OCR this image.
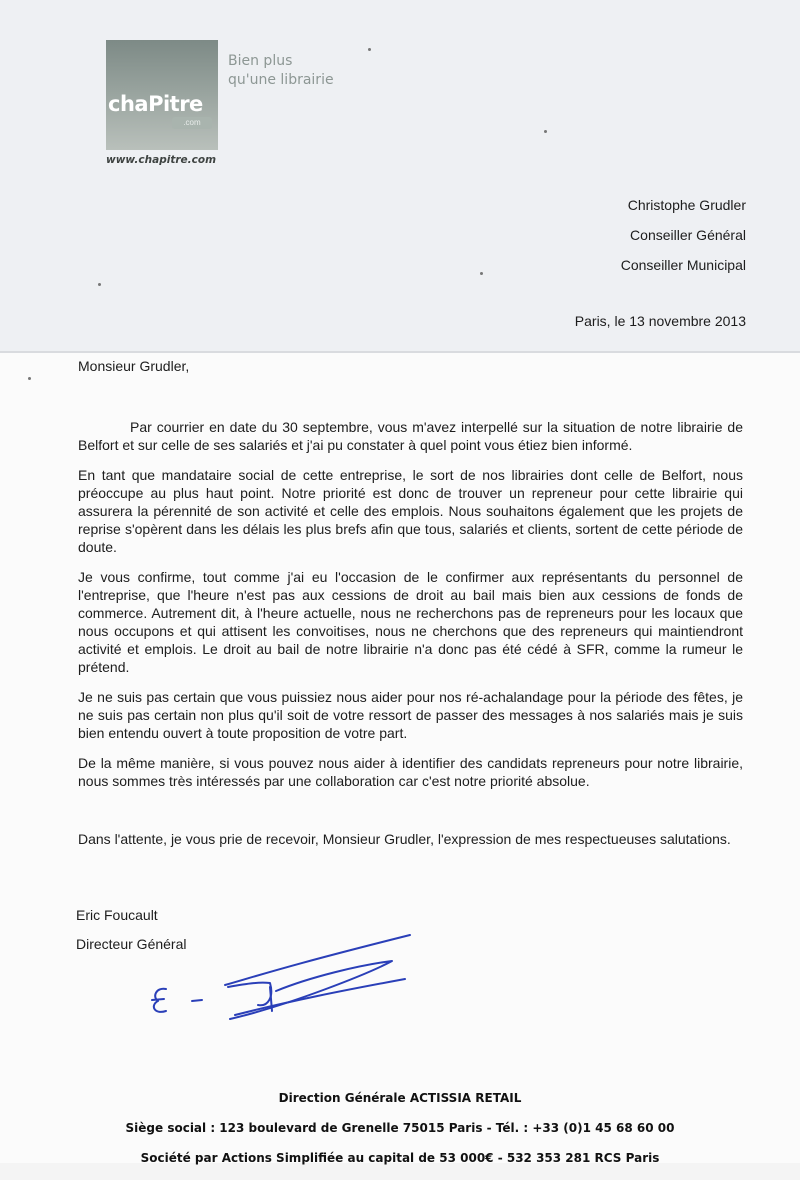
chaPitre
.com
Bien plus
qu'une librairie
www.chapitre.com
Christophe Grudler
Conseiller Général
Conseiller Municipal
Paris, le 13 novembre 2013
Monsieur Grudler,

Par courrier en date du 30 septembre, vous m'avez interpellé sur la situation de notre librairie de Belfort et sur celle de ses salariés et j'ai pu constater à quel point vous étiez bien informé.

En tant que mandataire social de cette entreprise, le sort de nos librairies dont celle de Belfort, nous préoccupe au plus haut point. Notre priorité est donc de trouver un repreneur pour cette librairie qui assurera la pérennité de son activité et celle des emplois. Nous souhaitons également que les projets de reprise s'opèrent dans les délais les plus brefs afin que tous, salariés et clients, sortent de cette période de doute.

Je vous confirme, tout comme j'ai eu l'occasion de le confirmer aux représentants du personnel de l'entreprise, que l'heure n'est pas aux cessions de droit au bail mais bien aux cessions de fonds de commerce. Autrement dit, à l'heure actuelle, nous ne recherchons pas de repreneurs pour les locaux que nous occupons et qui attisent les convoitises, nous ne cherchons que des repreneurs qui maintiendront activité et emplois. Le droit au bail de notre librairie n'a donc pas été cédé à SFR, comme la rumeur le prétend.

Je ne suis pas certain que vous puissiez nous aider pour nos ré-achalandage pour la période des fêtes, je ne suis pas certain non plus qu'il soit de votre ressort de passer des messages à nos salariés mais je suis bien entendu ouvert à toute proposition de votre part.

De la même manière, si vous pouvez nous aider à identifier des candidats repreneurs pour notre librairie, nous sommes très intéressés par une collaboration car c'est notre priorité absolue.

Dans l'attente, je vous prie de recevoir, Monsieur Grudler, l'expression de mes respectueuses salutations.
Eric Foucault
Directeur Général
Direction Générale ACTISSIA RETAIL
Siège social : 123 boulevard de Grenelle 75015 Paris - Tél. : +33 (0)1 45 68 60 00
Société par Actions Simplifiée au capital de 53 000€ - 532 353 281 RCS Paris
